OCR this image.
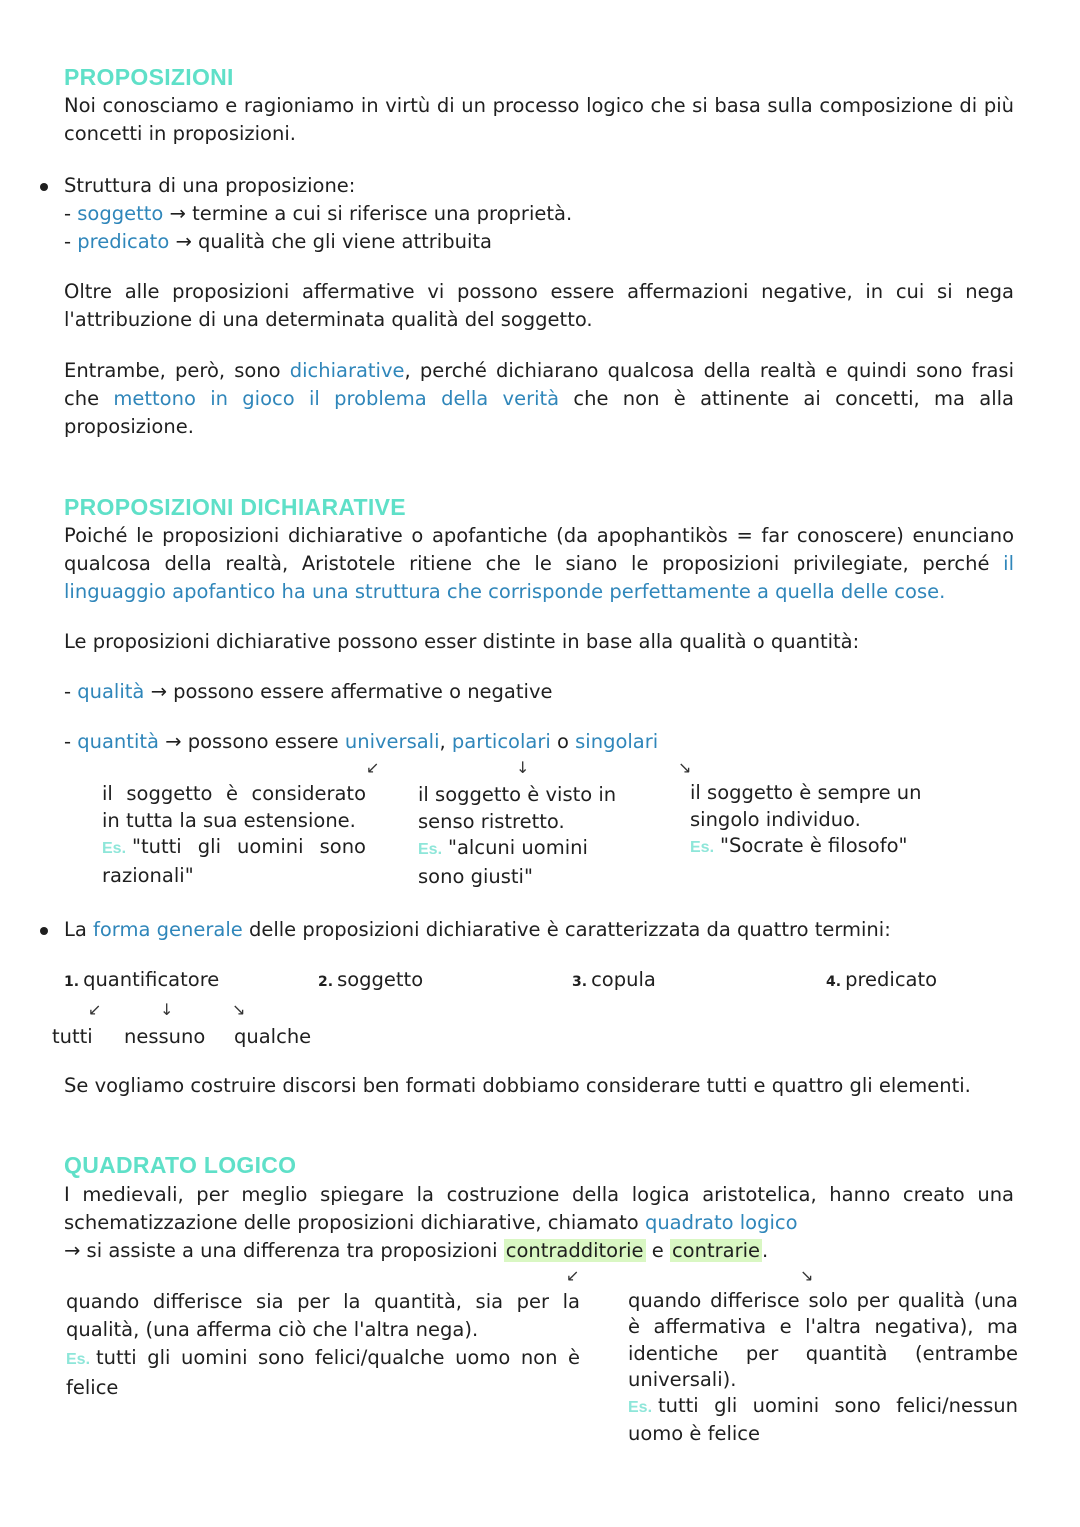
PROPOSIZIONI
Noi conosciamo e ragioniamo in virtù di un processo logico che si basa sulla composizione di più concetti in proposizioni.
Struttura di una proposizione:
- soggetto → termine a cui si riferisce una proprietà.
- predicato → qualità che gli viene attribuita
Oltre alle proposizioni affermative vi possono essere affermazioni negative, in cui si nega l'attribuzione di una determinata qualità del soggetto.
Entrambe, però, sono dichiarative, perché dichiarano qualcosa della realtà e quindi sono frasi che mettono in gioco il problema della verità che non è attinente ai concetti, ma alla proposizione.
PROPOSIZIONI DICHIARATIVE
Poiché le proposizioni dichiarative o apofantiche (da apophantikòs = far conoscere) enunciano qualcosa della realtà, Aristotele ritiene che le siano le proposizioni privilegiate, perché il linguaggio apofantico ha una struttura che corrisponde perfettamente a quella delle cose.
Le proposizioni dichiarative possono esser distinte in base alla qualità o quantità:
- qualità → possono essere affermative o negative
- quantità → possono essere universali, particolari o singolari
↙	↓	↘
il soggetto è considerato in tutta la sua estensione.
Es. "tutti gli uomini sono razionali"
il soggetto è visto in senso ristretto.
Es. "alcuni uomini sono giusti"
il soggetto è sempre un singolo individuo.
Es. "Socrate è filosofo"
La forma generale delle proposizioni dichiarative è caratterizzata da quattro termini:
1. quantificatore	2. soggetto	3. copula	4. predicato
↙	↓	↘
tutti nessuno qualche
Se vogliamo costruire discorsi ben formati dobbiamo considerare tutti e quattro gli elementi.
QUADRATO LOGICO
I medievali, per meglio spiegare la costruzione della logica aristotelica, hanno creato una schematizzazione delle proposizioni dichiarative, chiamato quadrato logico
→ si assiste a una differenza tra proposizioni contradditorie e contrarie .
↙	↘
quando differisce sia per la quantità, sia per la qualità, (una afferma ciò che l'altra nega).
Es. tutti gli uomini sono felici/qualche uomo non è felice
quando differisce solo per qualità (una è affermativa e l'altra negativa), ma identiche per quantità (entrambe universali).
Es. tutti gli uomini sono felici/nessun uomo è felice
